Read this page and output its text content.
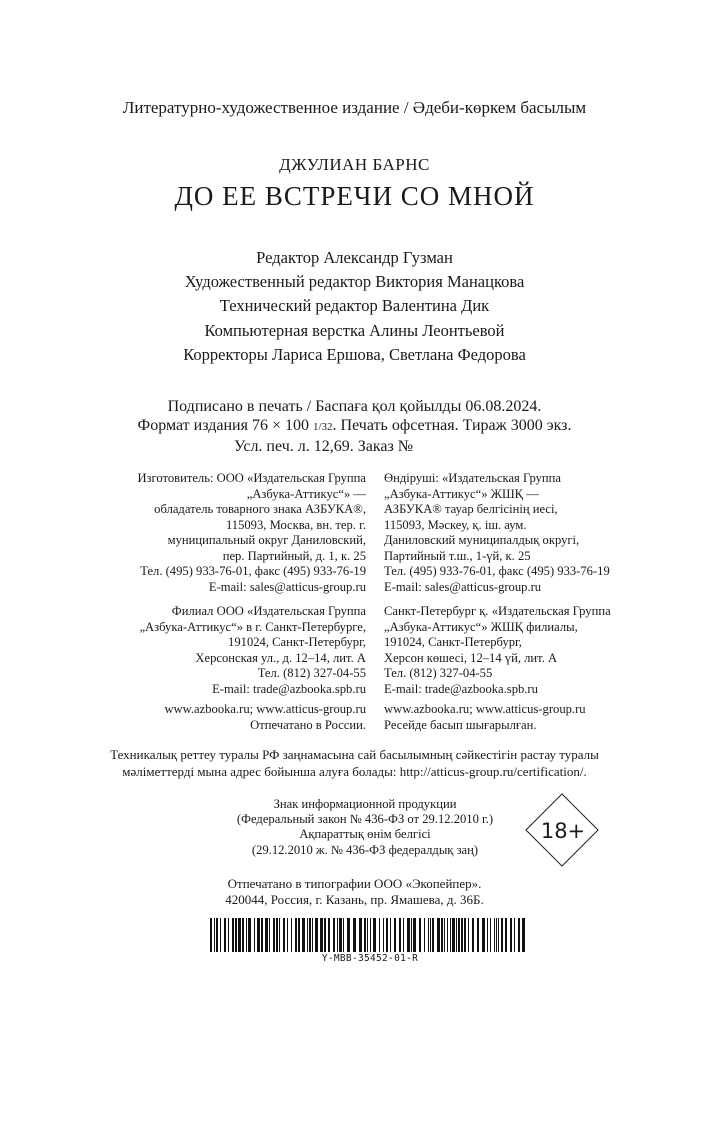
Литературно-художественное издание / Әдеби-көркем басылым
ДЖУЛИАН БАРНС
ДО ЕЕ ВСТРЕЧИ СО МНОЙ
Редактор Александр Гузман
Художественный редактор Виктория Манацкова
Технический редактор Валентина Дик
Компьютерная верстка Алины Леонтьевой
Корректоры Лариса Ершова, Светлана Федорова
Подписано в печать / Баспаға қол қойылды 06.08.2024.
Формат издания 76 × 100 1/32. Печать офсетная. Тираж 3000 экз.
Усл. печ. л. 12,69. Заказ №
Изготовитель: ООО «Издательская Группа
„Азбука-Аттикус“» —
обладатель товарного знака АЗБУКА®,
115093, Москва, вн. тер. г.
муниципальный округ Даниловский,
пер. Партийный, д. 1, к. 25
Тел. (495) 933-76-01, факс (495) 933-76-19
E-mail: sales@atticus-group.ru
Өндіруші: «Издательская Группа
„Азбука-Аттикус“» ЖШҚ —
АЗБУКА® тауар белгісінің иесі,
115093, Мәскеу, қ. іш. аум.
Даниловский муниципалдық округі,
Партийный т.ш., 1-үй, к. 25
Тел. (495) 933-76-01, факс (495) 933-76-19
E-mail: sales@atticus-group.ru
Филиал ООО «Издательская Группа
„Азбука-Аттикус“» в г. Санкт-Петербурге,
191024, Санкт-Петербург,
Херсонская ул., д. 12–14, лит. А
Тел. (812) 327-04-55
E-mail: trade@azbooka.spb.ru
Санкт-Петербург қ. «Издательская Группа
„Азбука-Аттикус“» ЖШҚ филиалы,
191024, Санкт-Петербург,
Херсон көшесі, 12–14 үй, лит. А
Тел. (812) 327-04-55
E-mail: trade@azbooka.spb.ru
www.azbooka.ru; www.atticus-group.ru
Отпечатано в России.
www.azbooka.ru; www.atticus-group.ru
Ресейде басып шығарылған.
Техникалық реттеу туралы РФ заңнамасына сай басылымның сәйкестігін растау туралы
мәліметтерді мына адрес бойынша алуға болады: http://atticus-group.ru/certification/.
Знак информационной продукции
(Федеральный закон № 436-ФЗ от 29.12.2010 г.)
Ақпараттық өнім белгісі
(29.12.2010 ж. № 436-ФЗ федералдық заң)
18+
Отпечатано в типографии ООО «Экопейпер».
420044, Россия, г. Казань, пр. Ямашева, д. 36Б.
Y-MBB-35452-01-R
